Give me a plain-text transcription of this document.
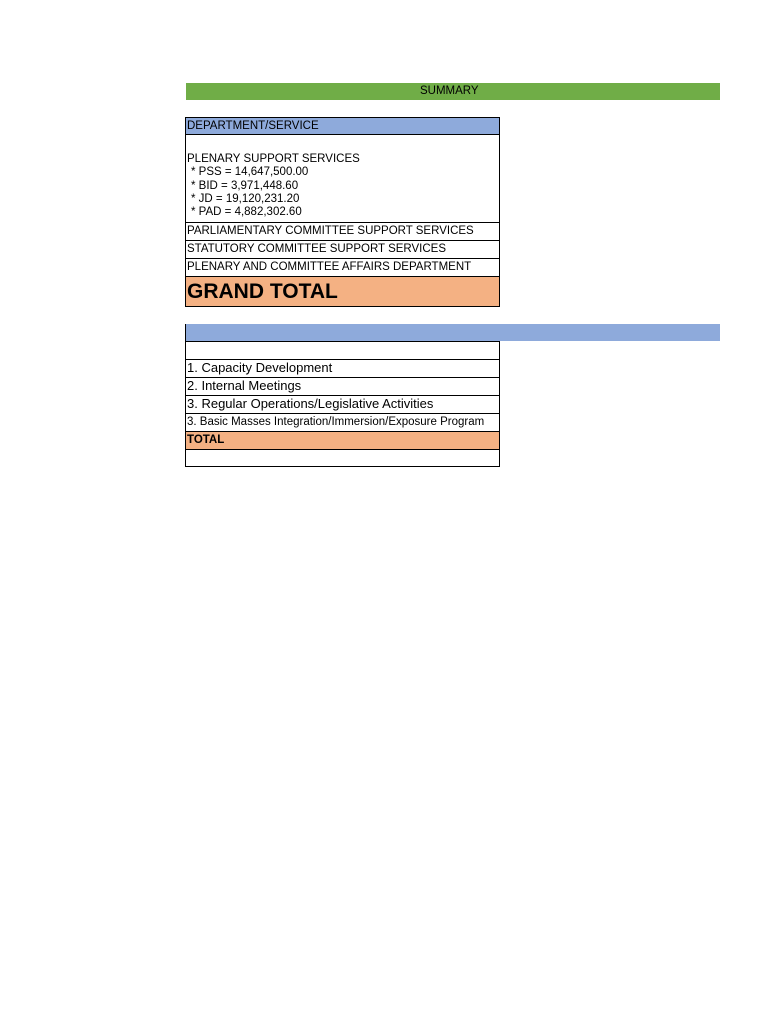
SUMMARY
DEPARTMENT/SERVICE
PLENARY SUPPORT SERVICES
* PSS = 14,647,500.00
* BID = 3,971,448.60
* JD = 19,120,231.20
* PAD = 4,882,302.60
PARLIAMENTARY COMMITTEE SUPPORT SERVICES
STATUTORY COMMITTEE SUPPORT SERVICES
PLENARY AND COMMITTEE AFFAIRS DEPARTMENT
GRAND TOTAL
1. Capacity Development
2. Internal Meetings
3. Regular Operations/Legislative Activities
3. Basic Masses Integration/Immersion/Exposure Program
TOTAL
